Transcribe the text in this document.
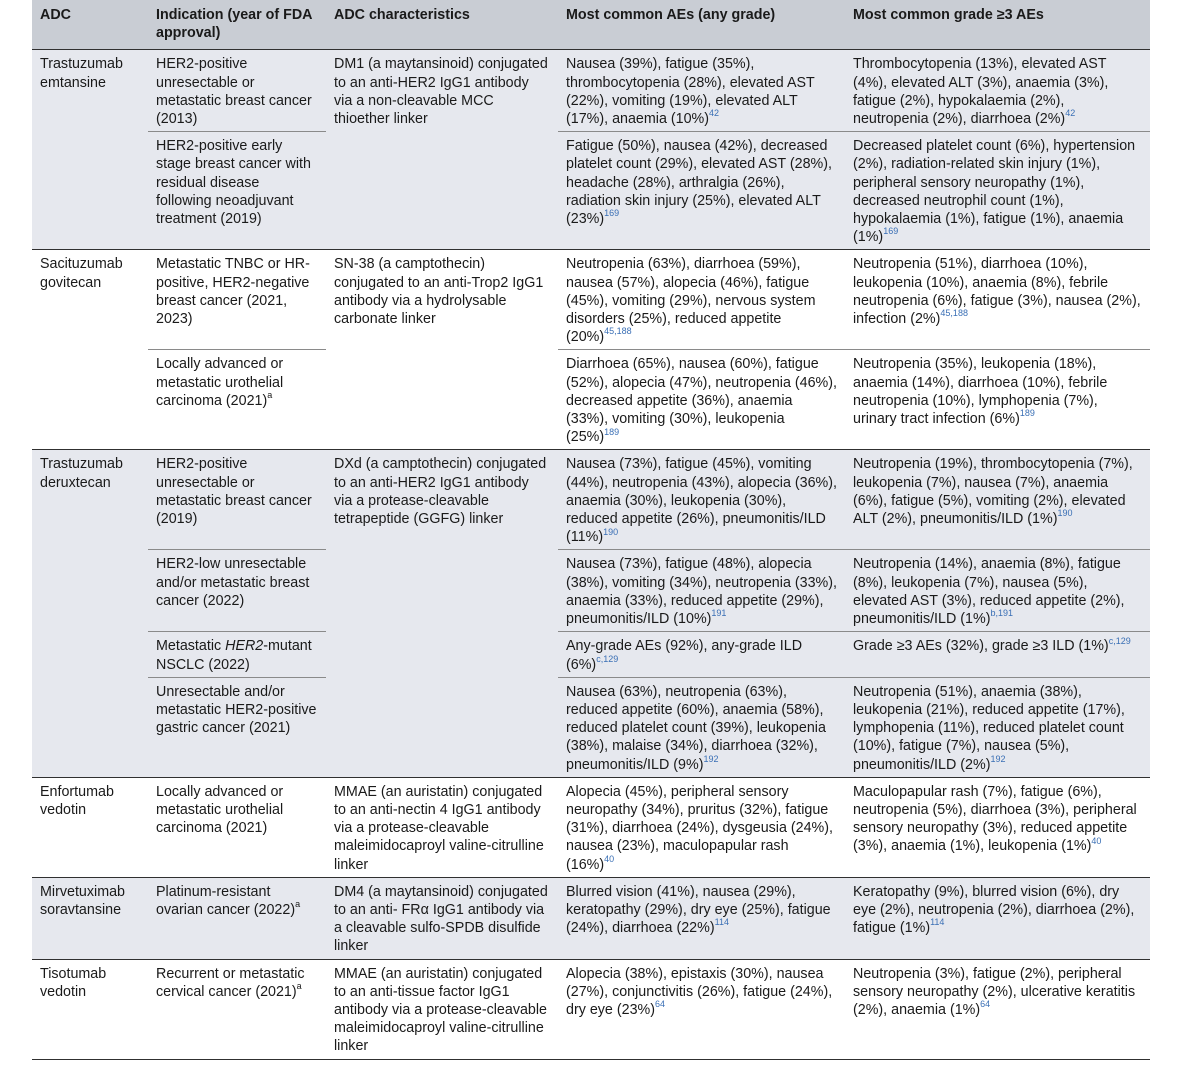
ADC	Indication (year of FDA approval)	ADC characteristics	Most common AEs (any grade)	Most common grade ≥3 AEs
Trastuzumab emtansine	HER2-positive unresectable or metastatic breast cancer (2013)	DM1 (a maytansinoid) conjugated to an anti-HER2 IgG1 antibody via a non-cleavable MCC thioether linker	Nausea (39%), fatigue (35%), thrombocytopenia (28%), elevated AST (22%), vomiting (19%), elevated ALT (17%), anaemia (10%)$^{42}$	Thrombocytopenia (13%), elevated AST (4%), elevated ALT (3%), anaemia (3%), fatigue (2%), hypokalaemia (2%), neutropenia (2%), diarrhoea (2%)$^{42}$
	HER2-positive early stage breast cancer with residual disease following neoadjuvant treatment (2019)		Fatigue (50%), nausea (42%), decreased platelet count (29%), elevated AST (28%), headache (28%), arthralgia (26%), radiation skin injury (25%), elevated ALT (23%)$^{169}$	Decreased platelet count (6%), hypertension (2%), radiation-related skin injury (1%), peripheral sensory neuropathy (1%), decreased neutrophil count (1%), hypokalaemia (1%), fatigue (1%), anaemia (1%)$^{169}$
Sacituzumab govitecan	Metastatic TNBC or HR-positive, HER2-negative breast cancer (2021, 2023)	SN-38 (a camptothecin) conjugated to an anti-Trop2 IgG1 antibody via a hydrolysable carbonate linker	Neutropenia (63%), diarrhoea (59%), nausea (57%), alopecia (46%), fatigue (45%), vomiting (29%), nervous system disorders (25%), reduced appetite (20%)$^{45,188}$	Neutropenia (51%), diarrhoea (10%), leukopenia (10%), anaemia (8%), febrile neutropenia (6%), fatigue (3%), nausea (2%), infection (2%)$^{45,188}$
	Locally advanced or metastatic urothelial carcinoma $(2021)^a$		Diarrhoea (65%), nausea (60%), fatigue (52%), alopecia (47%), neutropenia (46%), decreased appetite (36%), anaemia (33%), vomiting (30%), leukopenia (25%)$^{189}$	Neutropenia (35%), leukopenia (18%), anaemia (14%), diarrhoea (10%), febrile neutropenia (10%), lymphopenia (7%), urinary tract infection (6%)$^{189}$
Trastuzumab deruxtecan	HER2-positive unresectable or metastatic breast cancer (2019)	DXd (a camptothecin) conjugated to an anti-HER2 IgG1 antibody via a protease-cleavable tetrapeptide (GGFG) linker	Nausea (73%), fatigue (45%), vomiting (44%), neutropenia (43%), alopecia (36%), anaemia (30%), leukopenia (30%), reduced appetite (26%), pneumonitis/ILD (11%)$^{190}$	Neutropenia (19%), thrombocytopenia (7%), leukopenia (7%), nausea (7%), anaemia (6%), fatigue (5%), vomiting (2%), elevated ALT (2%), pneumonitis/ILD (1%)$^{190}$
	HER2-low unresectable and/or metastatic breast cancer (2022)		Nausea (73%), fatigue (48%), alopecia (38%), vomiting (34%), neutropenia (33%), anaemia (33%), reduced appetite (29%), pneumonitis/ILD (10%)$^{191}$	Neutropenia (14%), anaemia (8%), fatigue (8%), leukopenia (7%), nausea (5%), elevated AST (3%), reduced appetite (2%), pneumonitis/ILD (1%)$^{b,191}$
	Metastatic HER2-mutant NSCLC (2022)		Any-grade AEs (92%), any-grade ILD (6%)$^{c,129}$	Grade ≥3 AEs (32%), grade ≥3 ILD (1%)$^{c,129}$
	Unresectable and/or metastatic HER2-positive gastric cancer (2021)		Nausea (63%), neutropenia (63%), reduced appetite (60%), anaemia (58%), reduced platelet count (39%), leukopenia (38%), malaise (34%), diarrhoea (32%), pneumonitis/ILD (9%)$^{192}$	Neutropenia (51%), anaemia (38%), leukopenia (21%), reduced appetite (17%), lymphopenia (11%), reduced platelet count (10%), fatigue (7%), nausea (5%), pneumonitis/ILD (2%)$^{192}$
Enfortumab vedotin	Locally advanced or metastatic urothelial carcinoma (2021)	MMAE (an auristatin) conjugated to an anti-nectin 4 IgG1 antibody via a protease-cleavable maleimidocaproyl valine-citrulline linker	Alopecia (45%), peripheral sensory neuropathy (34%), pruritus (32%), fatigue (31%), diarrhoea (24%), dysgeusia (24%), nausea (23%), maculopapular rash (16%)$^{40}$	Maculopapular rash (7%), fatigue (6%), neutropenia (5%), diarrhoea (3%), peripheral sensory neuropathy (3%), reduced appetite (3%), anaemia (1%), leukopenia (1%)$^{40}$
Mirvetuximab soravtansine	Platinum-resistant ovarian cancer $(2022)^a$	DM4 (a maytansinoid) conjugated to an anti- FRα IgG1 antibody via a cleavable sulfo-SPDB disulfide linker	Blurred vision (41%), nausea (29%), keratopathy (29%), dry eye (25%), fatigue (24%), diarrhoea (22%)$^{114}$	Keratopathy (9%), blurred vision (6%), dry eye (2%), neutropenia (2%), diarrhoea (2%), fatigue (1%)$^{114}$
Tisotumab vedotin	Recurrent or metastatic cervical cancer $(2021)^a$	MMAE (an auristatin) conjugated to an anti-tissue factor IgG1 antibody via a protease-cleavable maleimidocaproyl valine-citrulline linker	Alopecia (38%), epistaxis (30%), nausea (27%), conjunctivitis (26%), fatigue (24%), dry eye (23%)$^{64}$	Neutropenia (3%), fatigue (2%), peripheral sensory neuropathy (2%), ulcerative keratitis (2%), anaemia (1%)$^{64}$
